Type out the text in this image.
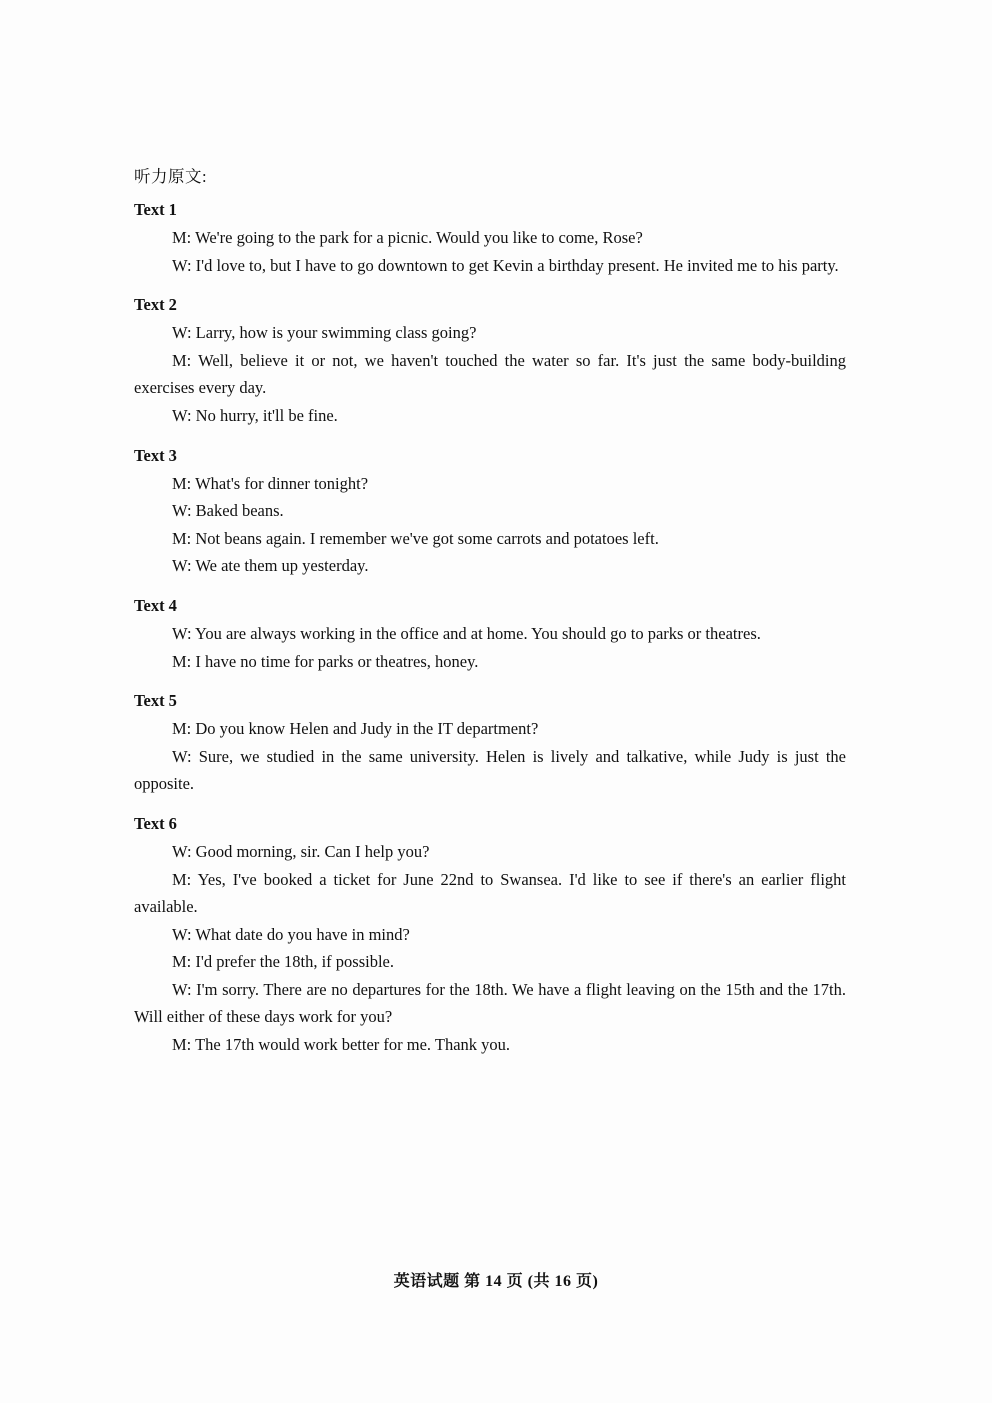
听力原文:

Text 1

M: We're going to the park for a picnic. Would you like to come, Rose?

W: I'd love to, but I have to go downtown to get Kevin a birthday present. He invited me to his party.

Text 2

W: Larry, how is your swimming class going?

M: Well, believe it or not, we haven't touched the water so far. It's just the same body-building exercises every day.

W: No hurry, it'll be fine.

Text 3

M: What's for dinner tonight?

W: Baked beans.

M: Not beans again. I remember we've got some carrots and potatoes left.

W: We ate them up yesterday.

Text 4

W: You are always working in the office and at home. You should go to parks or theatres.

M: I have no time for parks or theatres, honey.

Text 5

M: Do you know Helen and Judy in the IT department?

W: Sure, we studied in the same university. Helen is lively and talkative, while Judy is just the opposite.

Text 6

W: Good morning, sir. Can I help you?

M: Yes, I've booked a ticket for June 22nd to Swansea. I'd like to see if there's an earlier flight available.

W: What date do you have in mind?

M: I'd prefer the 18th, if possible.

W: I'm sorry. There are no departures for the 18th. We have a flight leaving on the 15th and the 17th. Will either of these days work for you?

M: The 17th would work better for me. Thank you.

英语试题 第 14 页 (共 16 页)
